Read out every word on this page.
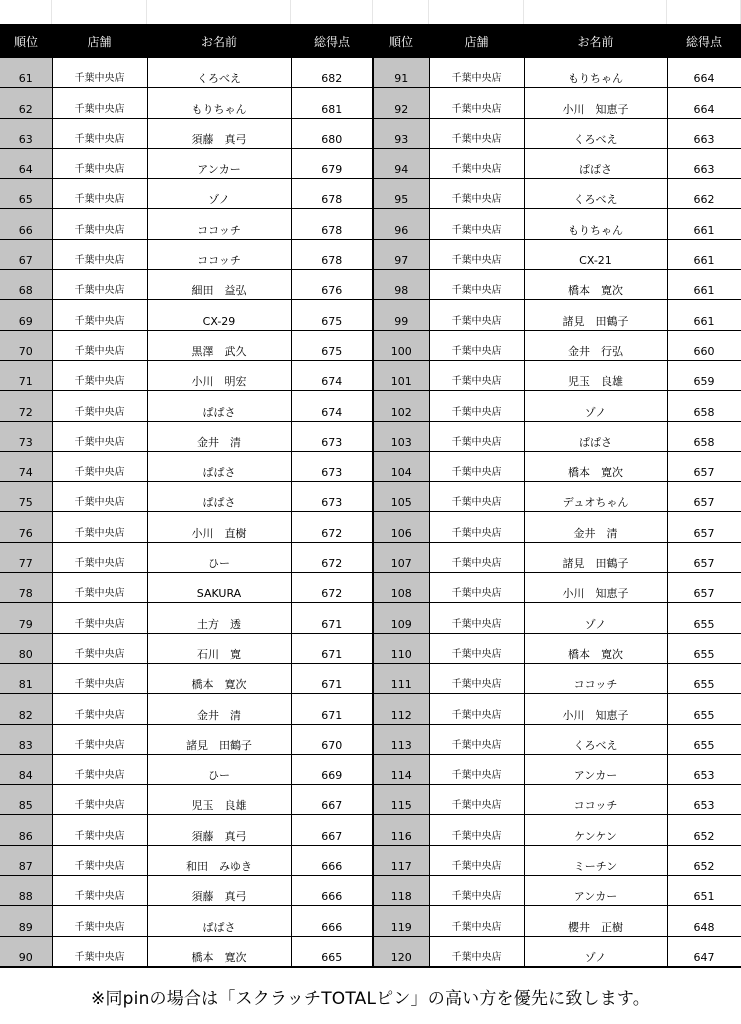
順位	店舗	お名前	総得点	順位	店舗	お名前	総得点
61	千葉中央店	くろべえ	682	91	千葉中央店	もりちゃん	664
62	千葉中央店	もりちゃん	681	92	千葉中央店	小川　知恵子	664
63	千葉中央店	須藤　真弓	680	93	千葉中央店	くろべえ	663
64	千葉中央店	アンカー	679	94	千葉中央店	ぱぱさ	663
65	千葉中央店	ゾノ	678	95	千葉中央店	くろべえ	662
66	千葉中央店	ココッチ	678	96	千葉中央店	もりちゃん	661
67	千葉中央店	ココッチ	678	97	千葉中央店	CX-21	661
68	千葉中央店	細田　益弘	676	98	千葉中央店	橋本　寛次	661
69	千葉中央店	CX-29	675	99	千葉中央店	諸見　田鶴子	661
70	千葉中央店	黒澤　武久	675	100	千葉中央店	金井　行弘	660
71	千葉中央店	小川　明宏	674	101	千葉中央店	児玉　良雄	659
72	千葉中央店	ぱぱさ	674	102	千葉中央店	ゾノ	658
73	千葉中央店	金井　清	673	103	千葉中央店	ぱぱさ	658
74	千葉中央店	ぱぱさ	673	104	千葉中央店	橋本　寛次	657
75	千葉中央店	ぱぱさ	673	105	千葉中央店	デュオちゃん	657
76	千葉中央店	小川　直樹	672	106	千葉中央店	金井　清	657
77	千葉中央店	ひー	672	107	千葉中央店	諸見　田鶴子	657
78	千葉中央店	SAKURA	672	108	千葉中央店	小川　知恵子	657
79	千葉中央店	土方　透	671	109	千葉中央店	ゾノ	655
80	千葉中央店	石川　寛	671	110	千葉中央店	橋本　寛次	655
81	千葉中央店	橋本　寛次	671	111	千葉中央店	ココッチ	655
82	千葉中央店	金井　清	671	112	千葉中央店	小川　知恵子	655
83	千葉中央店	諸見　田鶴子	670	113	千葉中央店	くろべえ	655
84	千葉中央店	ひー	669	114	千葉中央店	アンカー	653
85	千葉中央店	児玉　良雄	667	115	千葉中央店	ココッチ	653
86	千葉中央店	須藤　真弓	667	116	千葉中央店	ケンケン	652
87	千葉中央店	和田　みゆき	666	117	千葉中央店	ミーチン	652
88	千葉中央店	須藤　真弓	666	118	千葉中央店	アンカー	651
89	千葉中央店	ぱぱさ	666	119	千葉中央店	櫻井　正樹	648
90	千葉中央店	橋本　寛次	665	120	千葉中央店	ゾノ	647
※同pinの場合は「スクラッチTOTALピン」の高い方を優先に致します。
